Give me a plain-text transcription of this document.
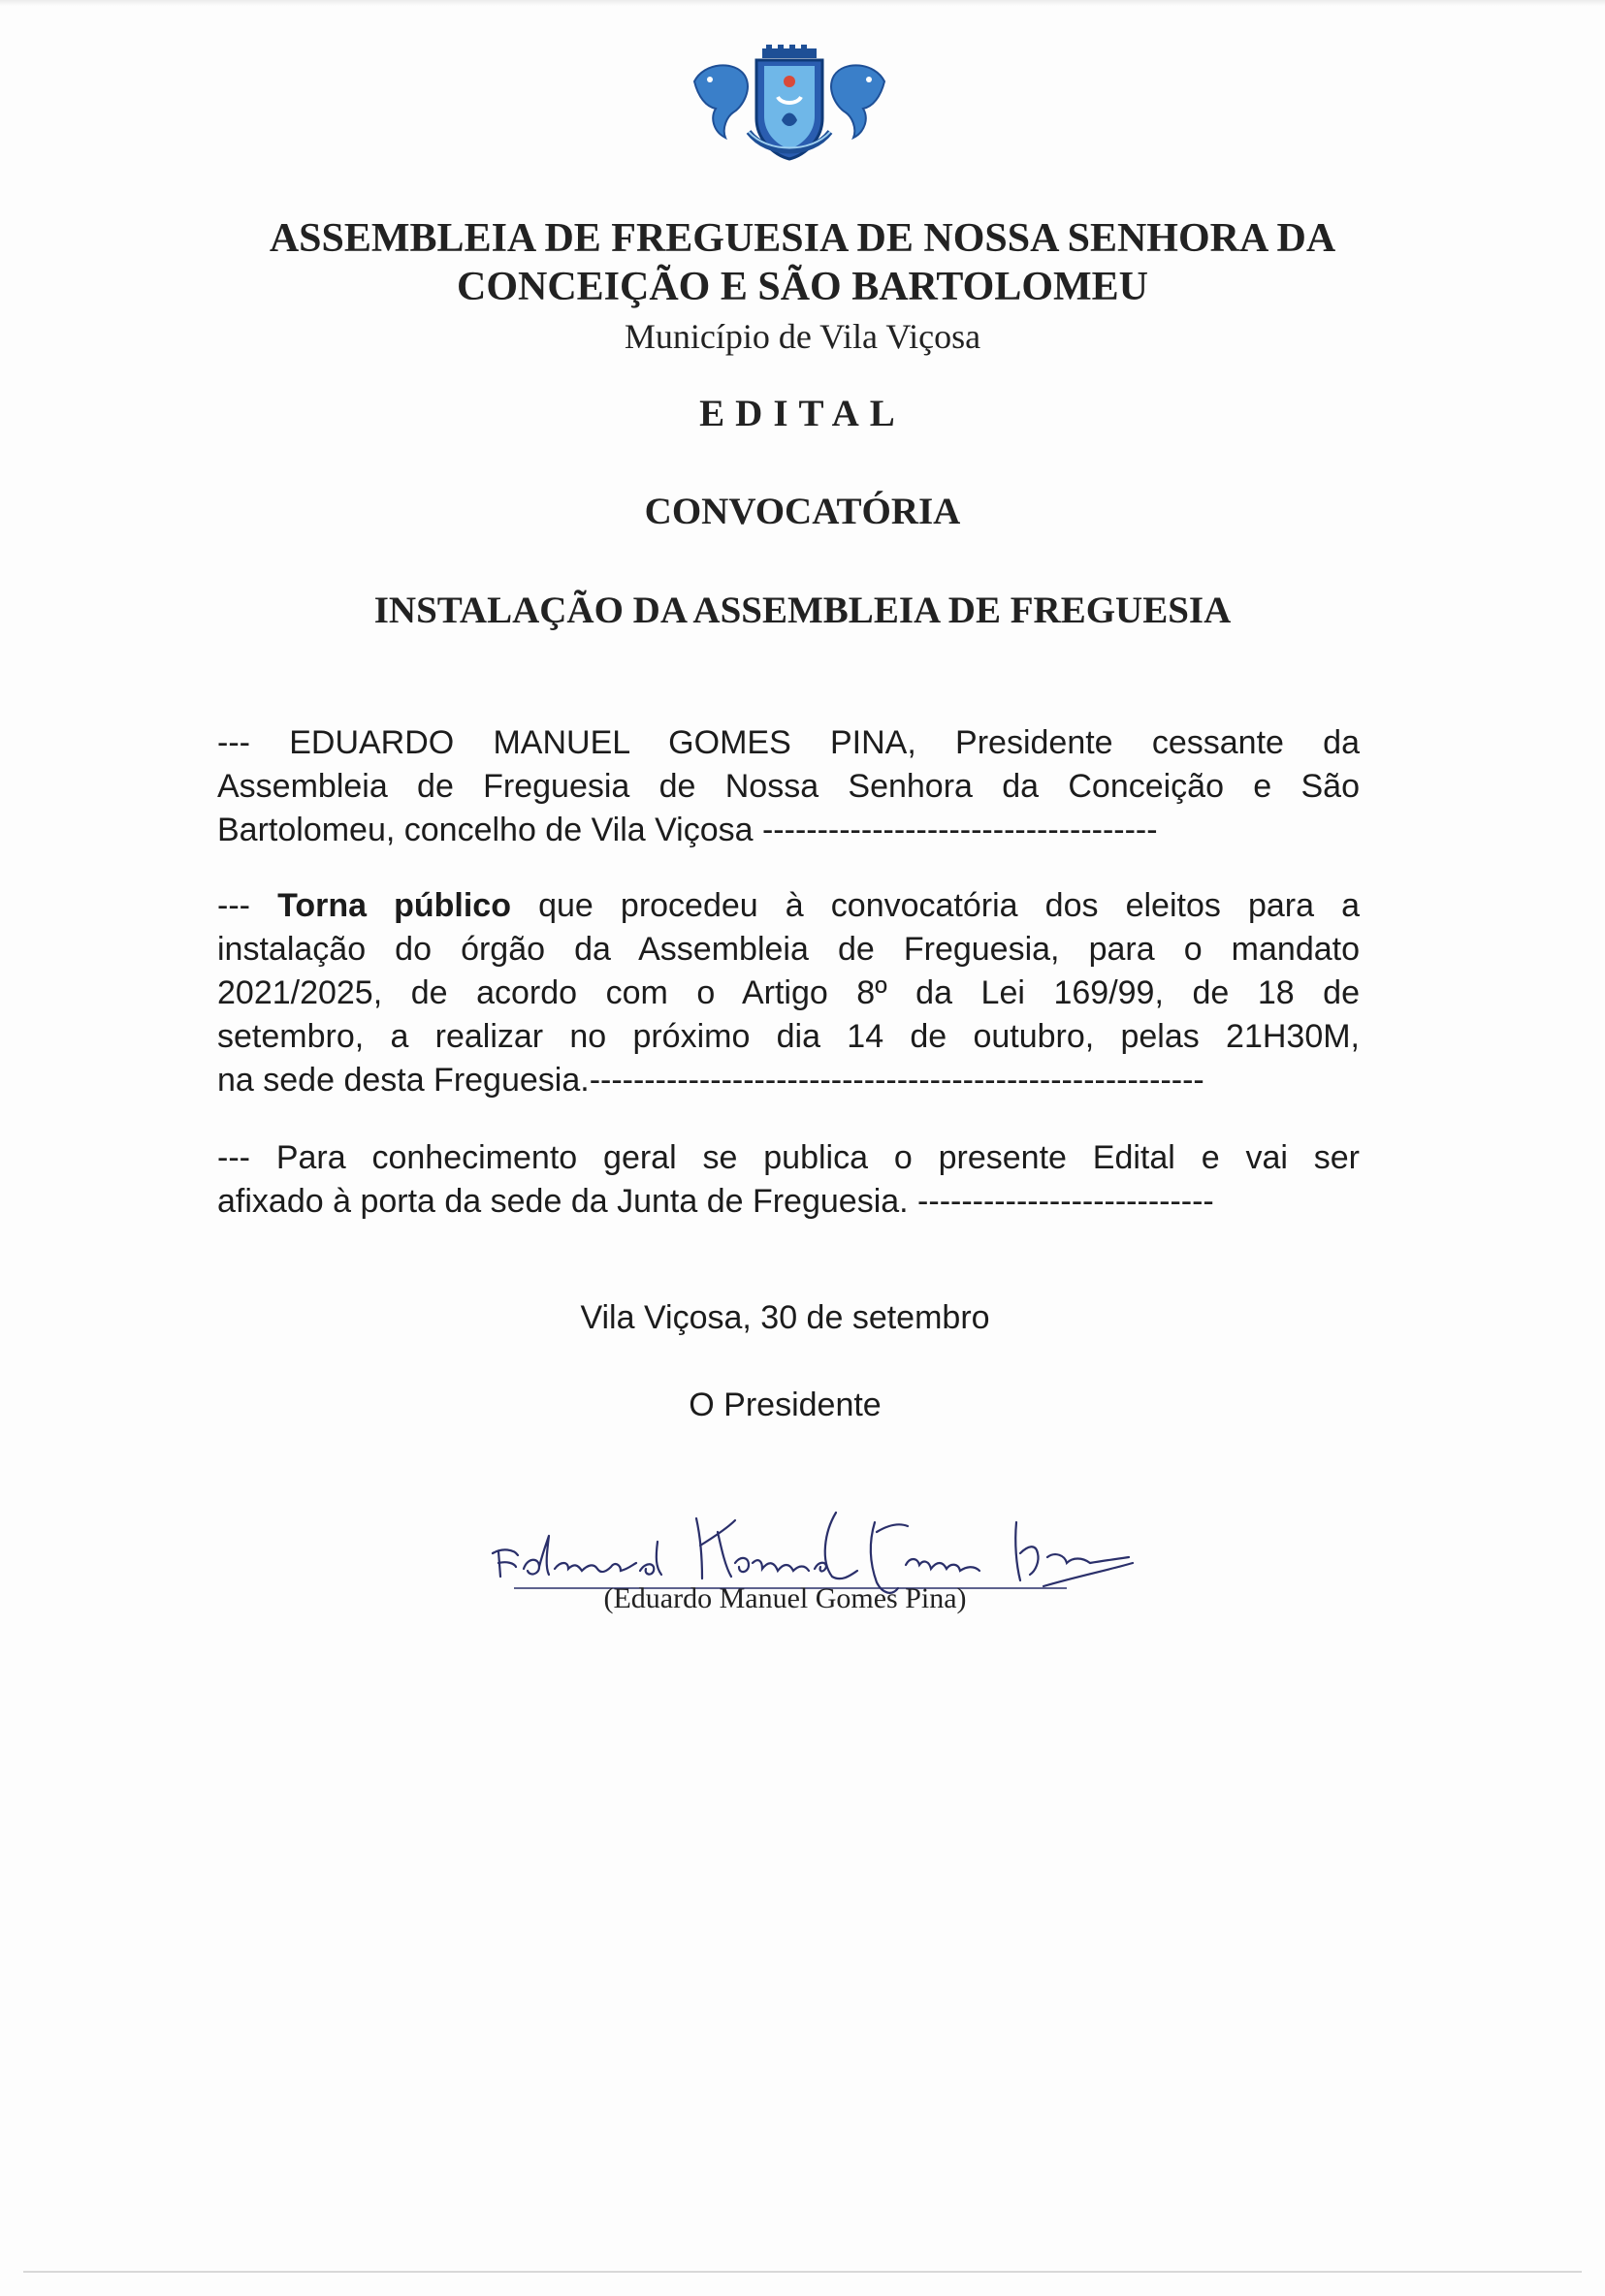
ASSEMBLEIA DE FREGUESIA DE NOSSA SENHORA DA
CONCEIÇÃO E SÃO BARTOLOMEU
Município de Vila Viçosa
EDITAL
CONVOCATÓRIA
INSTALAÇÃO DA ASSEMBLEIA DE FREGUESIA
--- EDUARDO MANUEL GOMES PINA, Presidente cessante da
Assembleia de Freguesia de Nossa Senhora da Conceição e São
Bartolomeu, concelho de Vila Viçosa ------------------------------------
--- Torna público que procedeu à convocatória dos eleitos para a
instalação do órgão da Assembleia de Freguesia, para o mandato
2021/2025, de acordo com o Artigo 8º da Lei 169/99, de 18 de
setembro, a realizar no próximo dia 14 de outubro, pelas 21H30M,
na sede desta Freguesia.--------------------------------------------------------
--- Para conhecimento geral se publica o presente Edital e vai ser
afixado à porta da sede da Junta de Freguesia. ---------------------------
Vila Viçosa, 30 de setembro
O Presidente
(Eduardo Manuel Gomes Pina)
